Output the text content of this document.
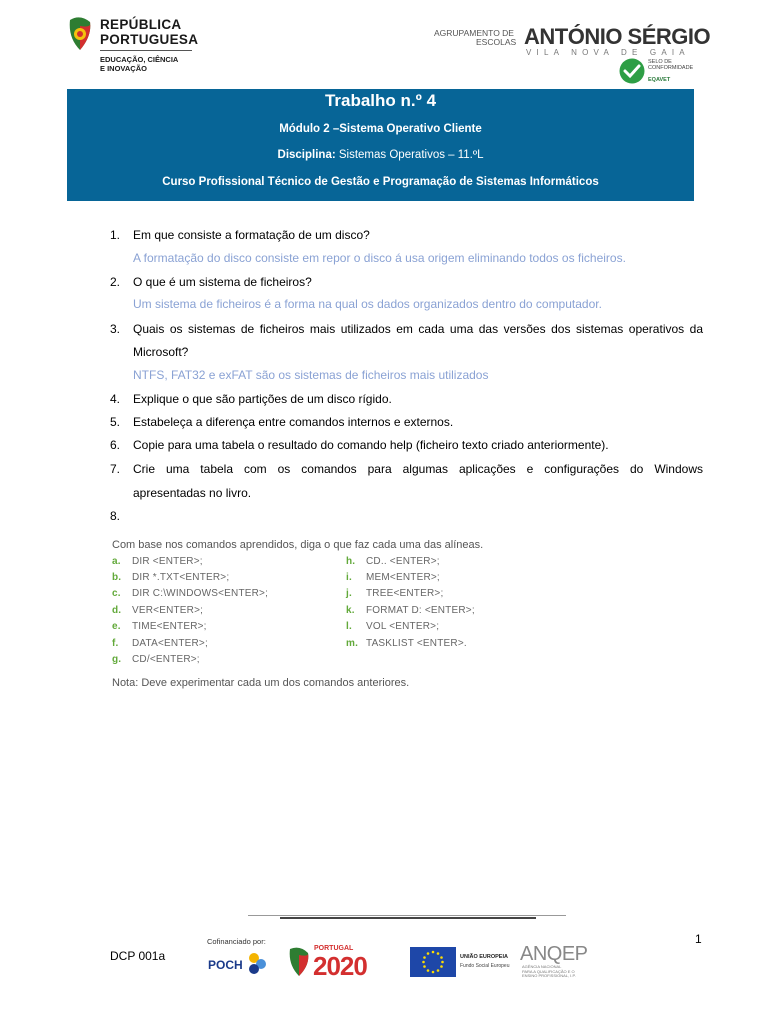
REPÚBLICA
PORTUGUESA
EDUCAÇÃO, CIÊNCIA
E INOVAÇÃO
AGRUPAMENTO DE
ESCOLAS ANTÓNIO SÉRGIO
VILA NOVA DE GAIA
SELO DE
CONFORMIDADE
EQAVET
Trabalho n.º 4
Módulo 2 –Sistema Operativo Cliente
Disciplina: Sistemas Operativos – 11.ºL
Curso Profissional Técnico de Gestão e Programação de Sistemas Informáticos
1.	Em que consiste a formatação de um disco?
A formatação do disco consiste em repor o disco á usa origem eliminando todos os ficheiros.
2.	O que é um sistema de ficheiros?
Um sistema de ficheiros é a forma na qual os dados organizados dentro do computador.
3.	Quais os sistemas de ficheiros mais utilizados em cada uma das versões dos sistemas operativos da
Microsoft?
NTFS, FAT32 e exFAT são os sistemas de ficheiros mais utilizados
4.	Explique o que são partições de um disco rígido.
5.	Estabeleça a diferença entre comandos internos e externos.
6.	Copie para uma tabela o resultado do comando help (ficheiro texto criado anteriormente).
7.	Crie uma tabela com os comandos para algumas aplicações e configurações do Windows
apresentadas no livro.
8.
Com base nos comandos aprendidos, diga o que faz cada uma das alíneas.
a. DIR <ENTER>;
b. DIR *.TXT<ENTER>;
c. DIR C:\WINDOWS<ENTER>;
d. VER<ENTER>;
e. TIME<ENTER>;
f. DATA<ENTER>;
g. CD/<ENTER>;
h. CD.. <ENTER>;
i. MEM<ENTER>;
j. TREE<ENTER>;
k. FORMAT D: <ENTER>;
l. VOL <ENTER>;
m. TASKLIST <ENTER>.
Nota: Deve experimentar cada um dos comandos anteriores.
1
DCP 001a
Cofinanciado por:
POCH
PORTUGAL
2020	UNIÃO EUROPEIA
Fundo Social Europeu
ANQEP
AGÊNCIA NACIONAL
PARA A QUALIFICAÇÃO E O
ENSINO PROFISSIONAL, I.P.
